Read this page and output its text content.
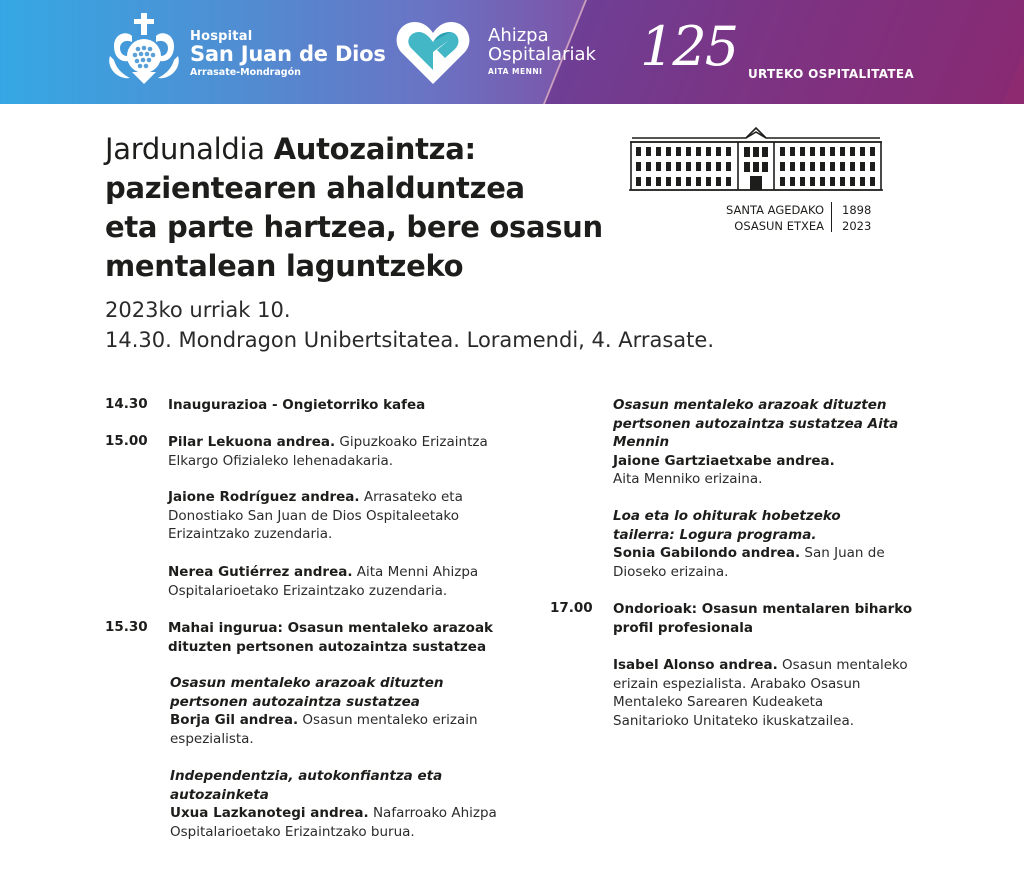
Hospital
San Juan de Dios
Arrasate-Mondragón
Ahizpa
Ospitalariak
AITA MENNI	125 URTEKO OSPITALITATEA
Jardunaldia Autozaintza:
pazientearen ahalduntzea
eta parte hartzea, bere osasun
mentalean laguntzeko
2023ko urriak 10.
14.30. Mondragon Unibertsitatea. Loramendi, 4. Arrasate.
SANTA AGEDAKO
OSASUN ETXEA
1898
2023
14.30 Inaugurazioa - Ongietorriko kafea
15.00 Pilar Lekuona andrea. Gipuzkoako Erizaintza
Elkargo Ofizialeko lehenadakaria.
Jaione Rodríguez andrea. Arrasateko eta
Donostiako San Juan de Dios Ospitaleetako
Erizaintzako zuzendaria.
Nerea Gutiérrez andrea. Aita Menni Ahizpa
Ospitalarioetako Erizaintzako zuzendaria.
15.30 Mahai ingurua: Osasun mentaleko arazoak
dituzten pertsonen autozaintza sustatzea
Osasun mentaleko arazoak dituzten
pertsonen autozaintza sustatzea
Borja Gil andrea. Osasun mentaleko erizain
espezialista.
Independentzia, autokonfiantza eta
autozainketa
Uxua Lazkanotegi andrea. Nafarroako Ahizpa
Ospitalarioetako Erizaintzako burua.
Osasun mentaleko arazoak dituzten
pertsonen autozaintza sustatzea Aita
Mennin
Jaione Gartziaetxabe andrea.
Aita Menniko erizaina.
Loa eta lo ohiturak hobetzeko
tailerra: Logura programa.
Sonia Gabilondo andrea. San Juan de
Dioseko erizaina.
17.00 Ondorioak: Osasun mentalaren biharko
profil profesionala
Isabel Alonso andrea. Osasun mentaleko
erizain espezialista. Arabako Osasun
Mentaleko Sarearen Kudeaketa
Sanitarioko Unitateko ikuskatzailea.
